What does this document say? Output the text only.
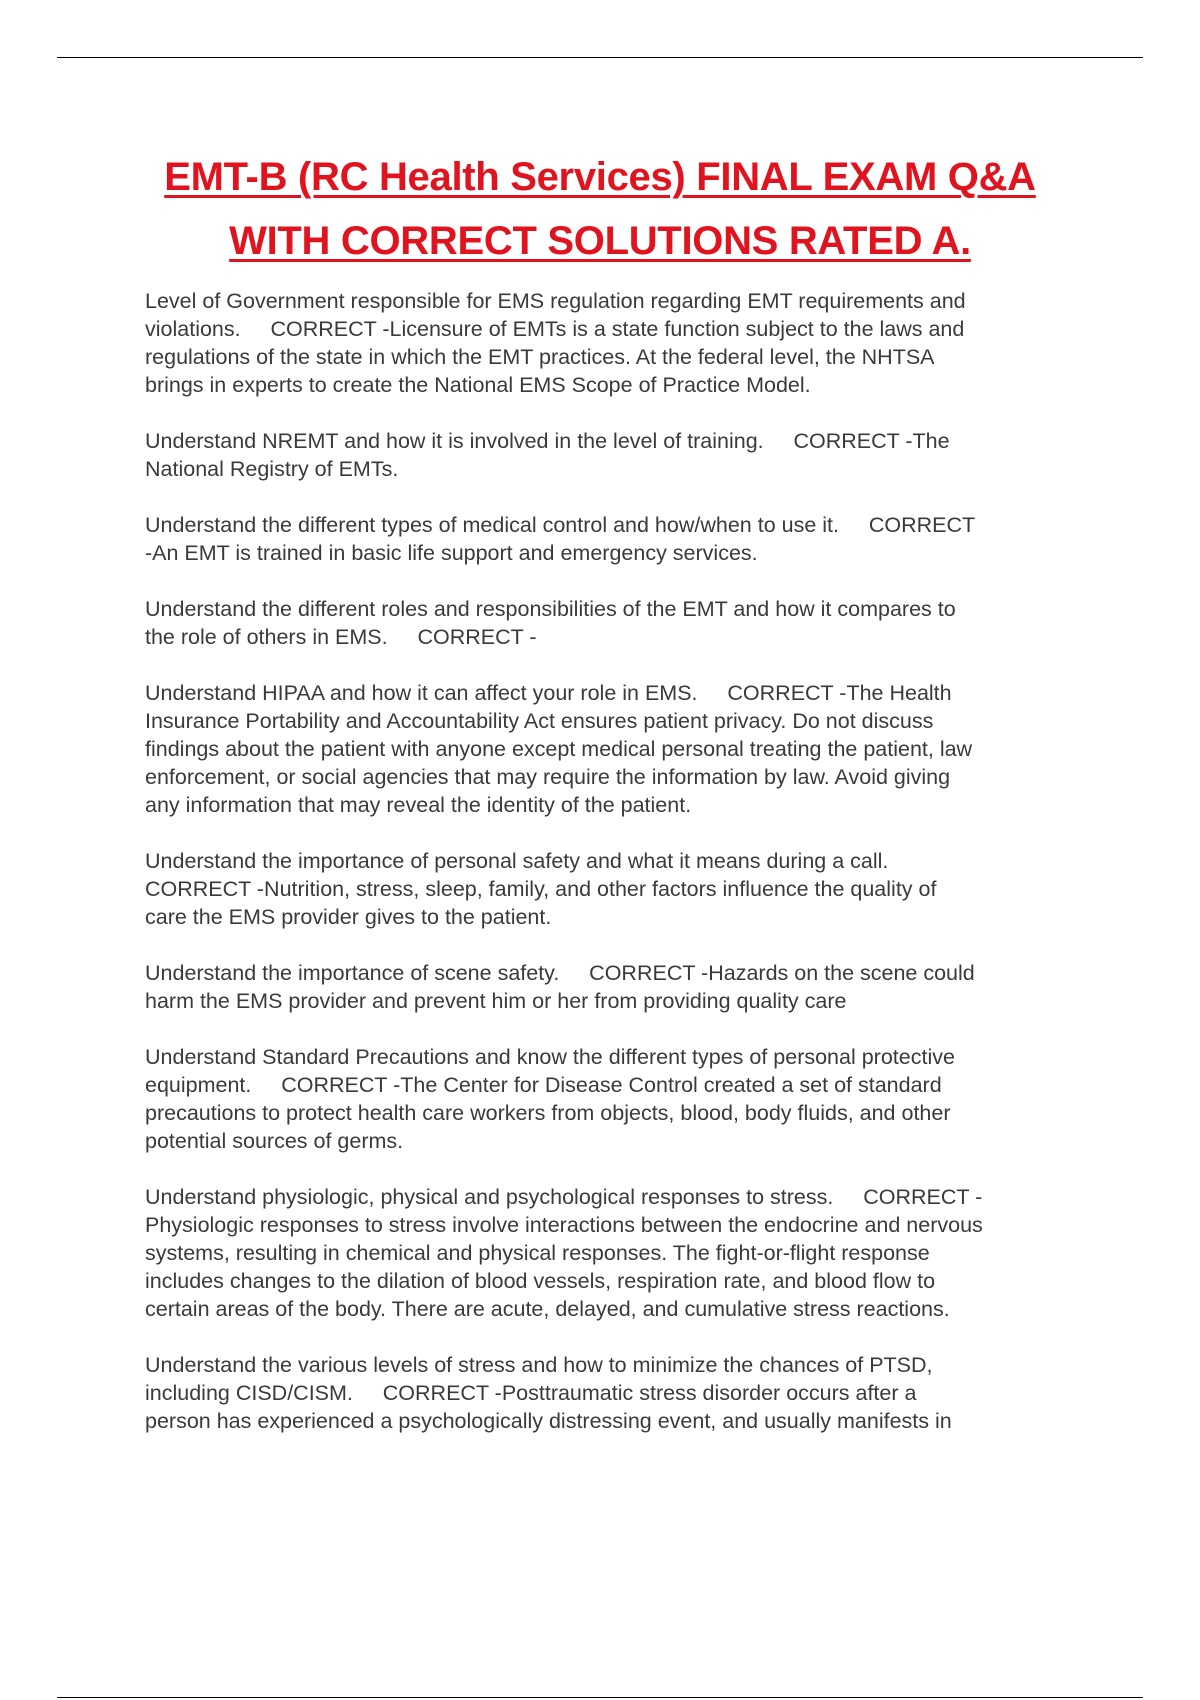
EMT-B (RC Health Services) FINAL EXAM Q&A
WITH CORRECT SOLUTIONS RATED A.

Level of Government responsible for EMS regulation regarding EMT requirements and
violations.     CORRECT -Licensure of EMTs is a state function subject to the laws and
regulations of the state in which the EMT practices. At the federal level, the NHTSA
brings in experts to create the National EMS Scope of Practice Model.

Understand NREMT and how it is involved in the level of training.     CORRECT -The
National Registry of EMTs.

Understand the different types of medical control and how/when to use it.     CORRECT
-An EMT is trained in basic life support and emergency services.

Understand the different roles and responsibilities of the EMT and how it compares to
the role of others in EMS.     CORRECT -

Understand HIPAA and how it can affect your role in EMS.     CORRECT -The Health
Insurance Portability and Accountability Act ensures patient privacy. Do not discuss
findings about the patient with anyone except medical personal treating the patient, law
enforcement, or social agencies that may require the information by law. Avoid giving
any information that may reveal the identity of the patient.

Understand the importance of personal safety and what it means during a call.
CORRECT -Nutrition, stress, sleep, family, and other factors influence the quality of
care the EMS provider gives to the patient.

Understand the importance of scene safety.     CORRECT -Hazards on the scene could
harm the EMS provider and prevent him or her from providing quality care

Understand Standard Precautions and know the different types of personal protective
equipment.     CORRECT -The Center for Disease Control created a set of standard
precautions to protect health care workers from objects, blood, body fluids, and other
potential sources of germs.

Understand physiologic, physical and psychological responses to stress.     CORRECT -
Physiologic responses to stress involve interactions between the endocrine and nervous
systems, resulting in chemical and physical responses. The fight-or-flight response
includes changes to the dilation of blood vessels, respiration rate, and blood flow to
certain areas of the body. There are acute, delayed, and cumulative stress reactions.

Understand the various levels of stress and how to minimize the chances of PTSD,
including CISD/CISM.     CORRECT -Posttraumatic stress disorder occurs after a
person has experienced a psychologically distressing event, and usually manifests in
